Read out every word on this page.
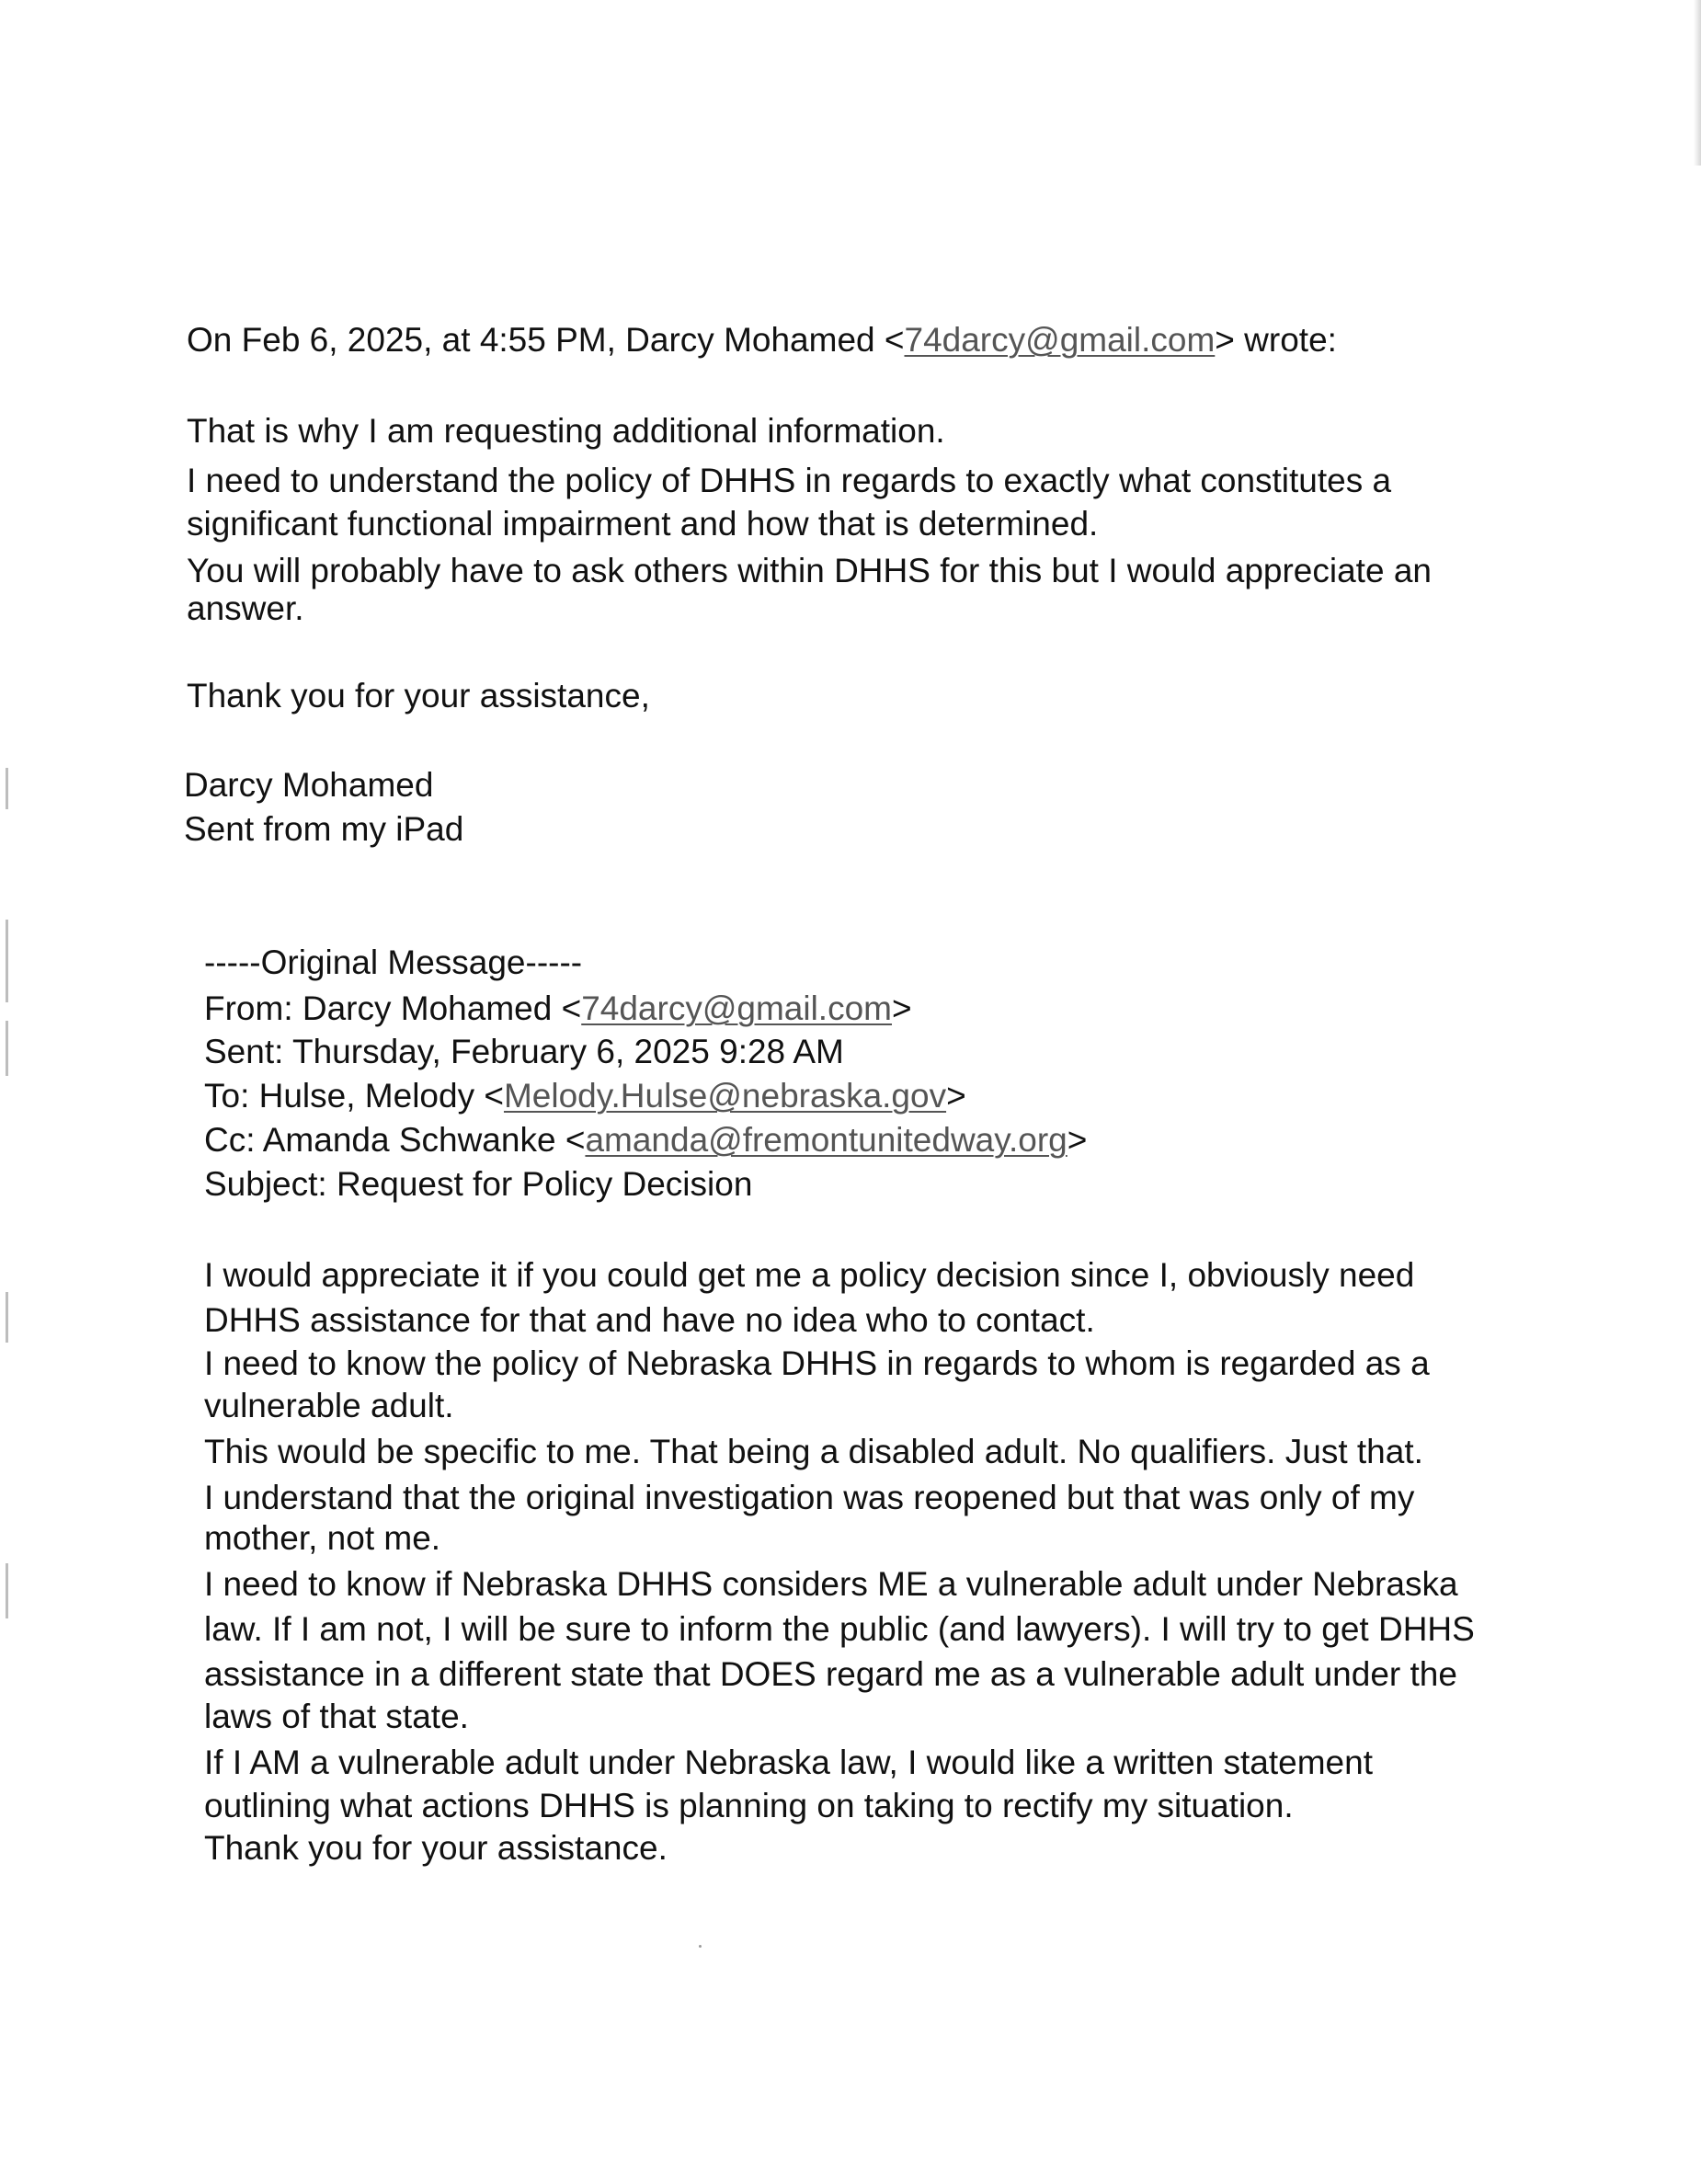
On Feb 6, 2025, at 4:55 PM, Darcy Mohamed <74darcy@gmail.com> wrote:
That is why I am requesting additional information.
I need to understand the policy of DHHS in regards to exactly what constitutes a
significant functional impairment and how that is determined.
You will probably have to ask others within DHHS for this but I would appreciate an
answer.
Thank you for your assistance,
Darcy Mohamed
Sent from my iPad
-----Original Message-----
From: Darcy Mohamed <74darcy@gmail.com>
Sent: Thursday, February 6, 2025 9:28 AM
To: Hulse, Melody <Melody.Hulse@nebraska.gov>
Cc: Amanda Schwanke <amanda@fremontunitedway.org>
Subject: Request for Policy Decision
I would appreciate it if you could get me a policy decision since I, obviously need
DHHS assistance for that and have no idea who to contact.
I need to know the policy of Nebraska DHHS in regards to whom is regarded as a
vulnerable adult.
This would be specific to me. That being a disabled adult. No qualifiers. Just that.
I understand that the original investigation was reopened but that was only of my
mother, not me.
I need to know if Nebraska DHHS considers ME a vulnerable adult under Nebraska
law. If I am not, I will be sure to inform the public (and lawyers). I will try to get DHHS
assistance in a different state that DOES regard me as a vulnerable adult under the
laws of that state.
If I AM a vulnerable adult under Nebraska law, I would like a written statement
outlining what actions DHHS is planning on taking to rectify my situation.
Thank you for your assistance.
